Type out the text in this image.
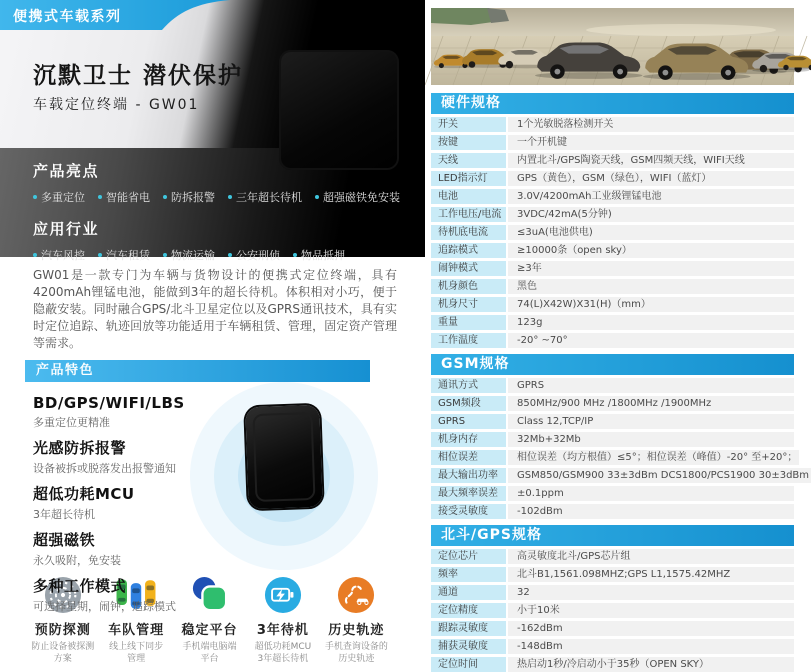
便携式车载系列
沉默卫士 潜伏保护
车载定位终端 - GW01
产品亮点
多重定位 智能省电 防拆报警 三年超长待机 超强磁铁免安装
应用行业
汽车风控 汽车租赁 物流运输 公安刑侦 物品抵押
GW01是一款专门为车辆与货物设计的便携式定位终端，具有4200mAh锂锰电池，能做到3年的超长待机。体积相对小巧，便于隐蔽安装。同时融合GPS/北斗卫星定位以及GPRS通讯技术，具有实时定位追踪、轨迹回放等功能适用于车辆租赁、管理，固定资产管理等需求。
产品特色
BD/GPS/WIFI/LBS

多重定位更精准

光感防拆报警

设备被拆或脱落发出报警通知

超低功耗MCU

3年超长待机

超强磁铁

永久吸附，免安装

多种工作模式

可选择星期，闹钟，追踪模式

预防探测

防止设备被探测
方案

车队管理

线上线下同步
管理

稳定平台

手机端电脑端
平台

3年待机

超低功耗MCU
3年超长待机

历史轨迹

手机查询设备的
历史轨迹

硬件规格
开关	1个光敏脱落检测开关
按键	一个开机键
天线	内置北斗/GPS陶瓷天线，GSM四频天线，WIFI天线
LED指示灯	GPS（黄色），GSM（绿色），WIFI（蓝灯）
电池	3.0V/4200mAh工业级锂锰电池
工作电压/电流	3VDC/42mA(5分钟)
待机底电流	≤3uA(电池供电)
追踪模式	≥10000条（open sky）
闹钟模式	≥3年
机身颜色	黑色
机身尺寸	74(L)X42W)X31(H)（mm）
重量	123g
工作温度	-20° ~70°
GSM规格
通讯方式	GPRS
GSM频段	850MHz/900 MHz /1800MHz /1900MHz
GPRS	Class 12,TCP/IP
机身内存	32Mb+32Mb
相位误差	相位误差（均方根值）≤5°；相位误差（峰值）-20° 至+20°；
最大输出功率	GSM850/GSM900 33±3dBm DCS1800/PCS1900 30±3dBm
最大频率误差	±0.1ppm
接受灵敏度	-102dBm
北斗/GPS规格
定位芯片	高灵敏度北斗/GPS芯片组
频率	北斗B1,1561.098MHZ;GPS L1,1575.42MHZ
通道	32
定位精度	小于10米
跟踪灵敏度	-162dBm
捕获灵敏度	-148dBm
定位时间	热启动1秒/冷启动小于35秒（OPEN SKY）
